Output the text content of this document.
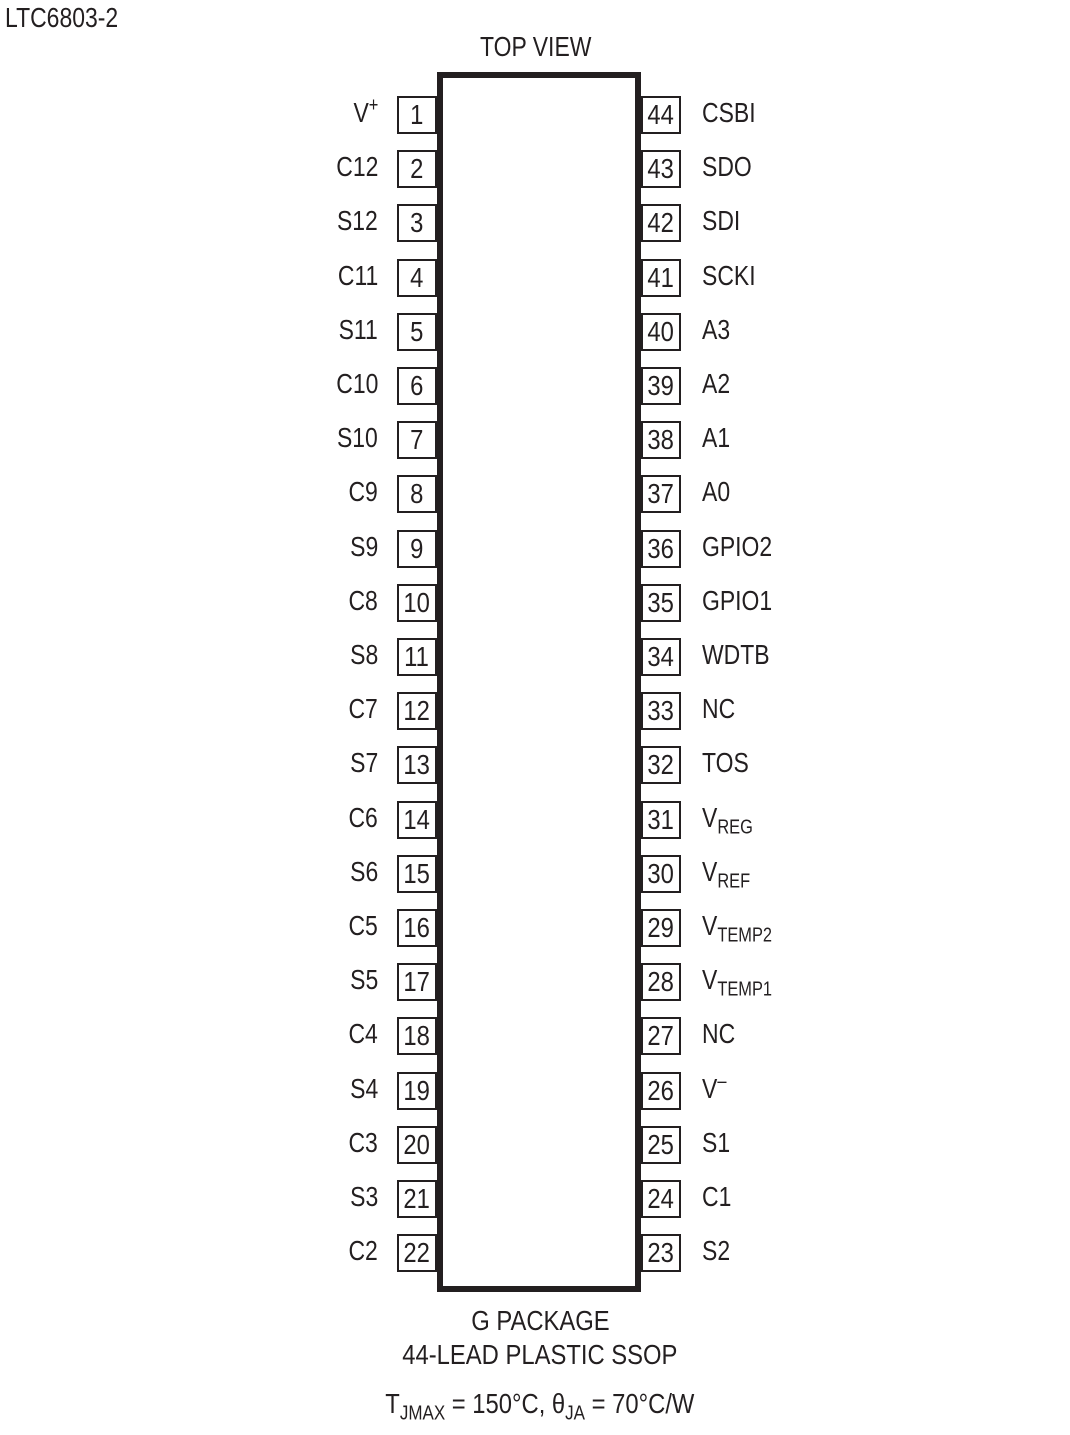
LTC6803-2
TOP VIEW
1
V+
2
C12
3
S12
4
C11
5
S11
6
C10
7
S10
8
C9
9
S9
10
C8
11
S8
12
C7
13
S7
14
C6
15
S6
16
C5
17
S5
18
C4
19
S4
20
C3
21
S3
22
C2
44 CSBI
43 SDO
42 SDI
41 SCKI
40 A3
39 A2
38 A1
37 A0
36 GPIO2
35 GPIO1
34 WDTB
33 NC
32 TOS
31 $V_{REG}$
30 $V_{REF}$
29 $V_{TEMP2}$
28 $V_{TEMP1}$
27 NC
26 V–
25 S1
24 C1
23 S2
G PACKAGE
44-LEAD PLASTIC SSOP
$T_{JMAX} = 150^\circ C$, $\theta_{JA} = 70^\circ C/W$
